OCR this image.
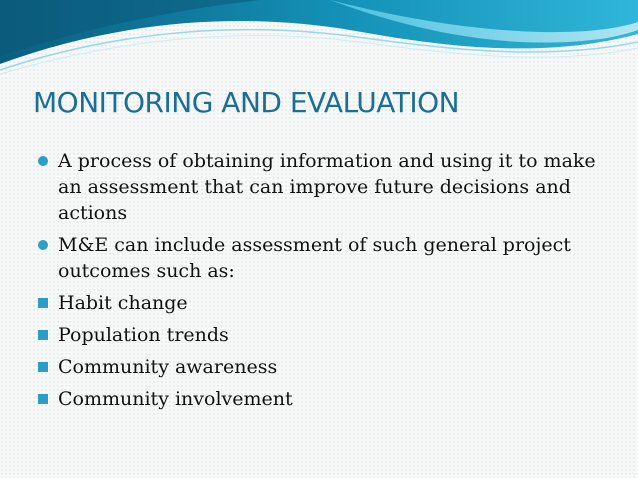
MONITORING AND EVALUATION
A process of obtaining information and using it to make an assessment that can improve future decisions and actions
M&E can include assessment of such general project outcomes such as:
Habit change
Population trends
Community awareness
Community involvement
